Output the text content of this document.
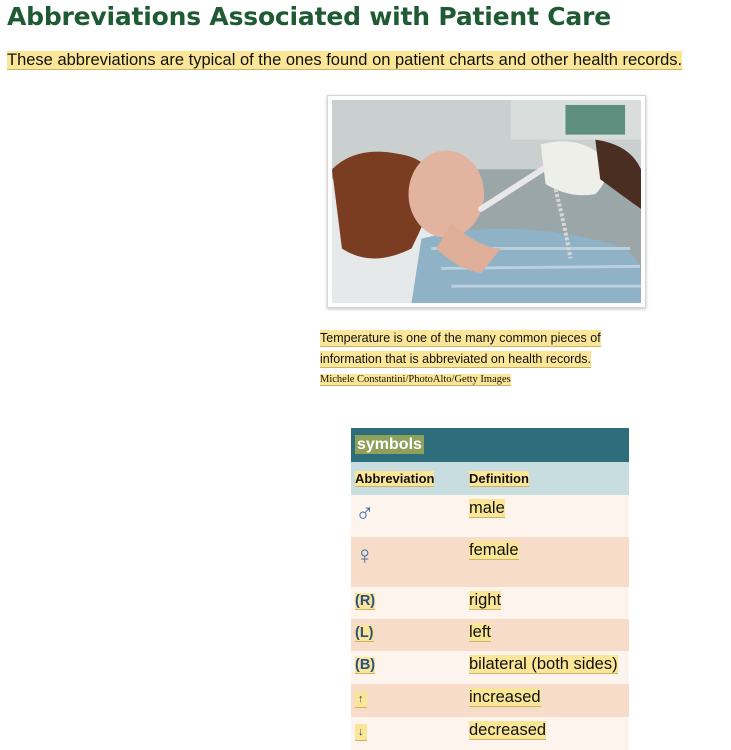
Abbreviations Associated with Patient Care
These abbreviations are typical of the ones found on patient charts and other health records.
Temperature is one of the many common pieces of
information that is abbreviated on health records.
Michele Constantini/PhotoAlto/Getty Images
symbols	
Abbreviation	Definition
♂	male
♀	female
(R)	right
(L)	left
(B)	bilateral (both sides)
↑	increased
↓	decreased
